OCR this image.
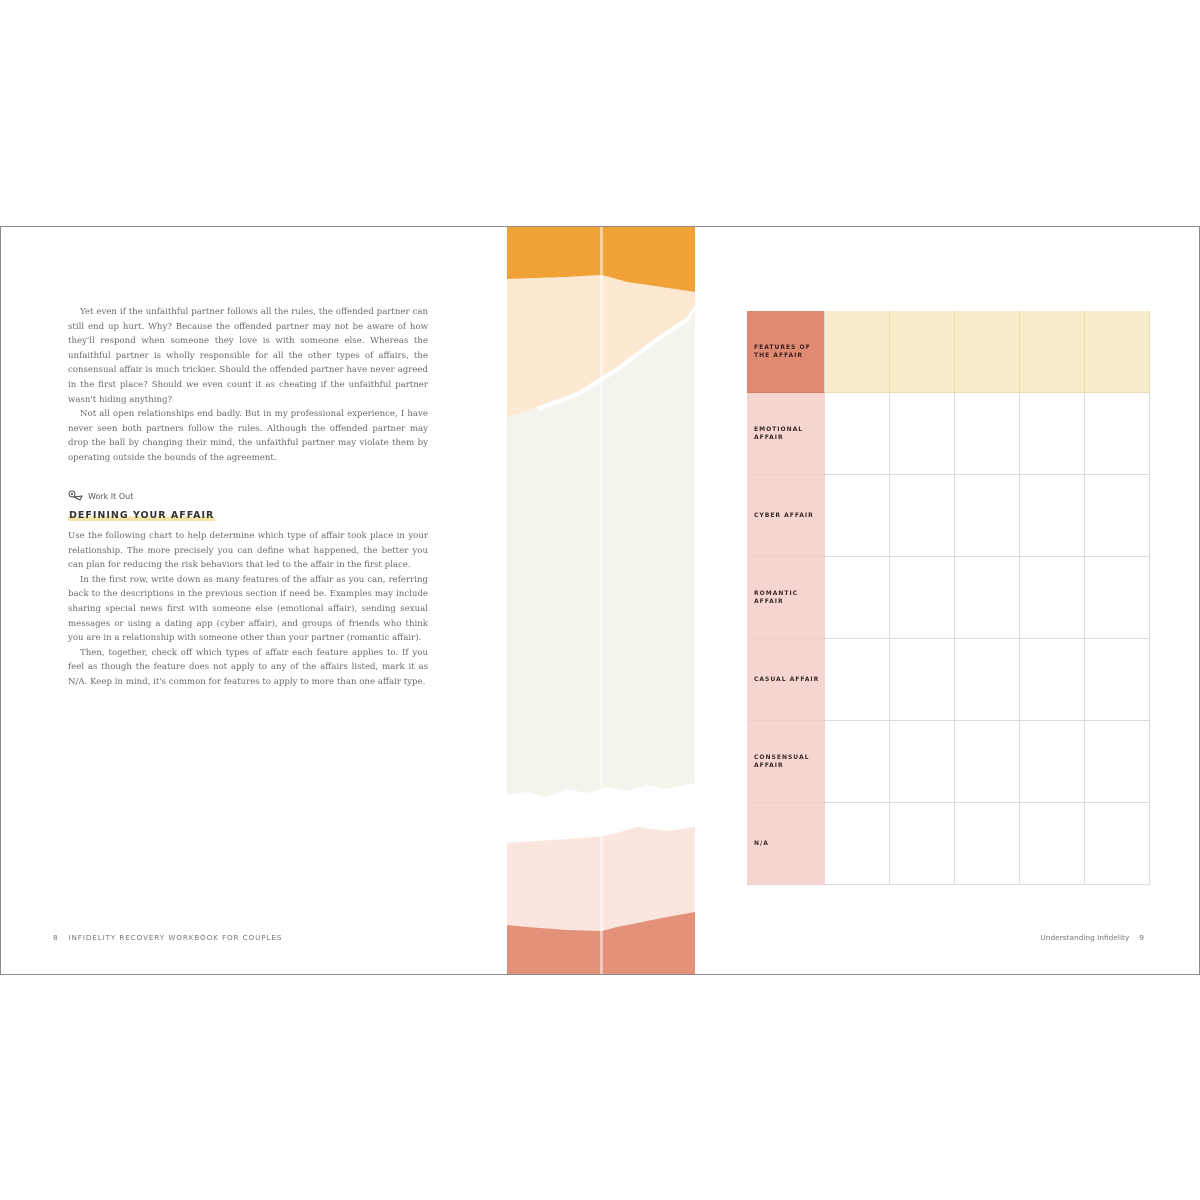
Yet even if the unfaithful partner follows all the rules, the offended partner can still end up hurt. Why? Because the offended partner may not be aware of how they'll respond when someone they love is with someone else. Whereas the unfaithful partner is wholly responsible for all the other types of affairs, the consensual affair is much trickier. Should the offended partner have never agreed in the first place? Should we even count it as cheating if the unfaithful partner wasn't hiding anything?

Not all open relationships end badly. But in my professional experience, I have never seen both partners follow the rules. Although the offended partner may drop the ball by changing their mind, the unfaithful partner may violate them by operating outside the bounds of the agreement.

Work It Out
DEFINING YOUR AFFAIR

Use the following chart to help determine which type of affair took place in your relationship. The more precisely you can define what happened, the better you can plan for reducing the risk behaviors that led to the affair in the first place.

In the first row, write down as many features of the affair as you can, referring back to the descriptions in the previous section if need be. Examples may include sharing special news first with someone else (emotional affair), sending sexual messages or using a dating app (cyber affair), and groups of friends who think you are in a relationship with someone other than your partner (romantic affair).

Then, together, check off which types of affair each feature applies to. If you feel as though the feature does not apply to any of the affairs listed, mark it as N/A. Keep in mind, it's common for features to apply to more than one affair type.

8 INFIDELITY RECOVERY WORKBOOK FOR COUPLES
FEATURES OF THE AFFAIR
EMOTIONAL AFFAIR
CYBER AFFAIR
ROMANTIC AFFAIR
CASUAL AFFAIR
CONSENSUAL AFFAIR
N/A
Understanding Infidelity 9
